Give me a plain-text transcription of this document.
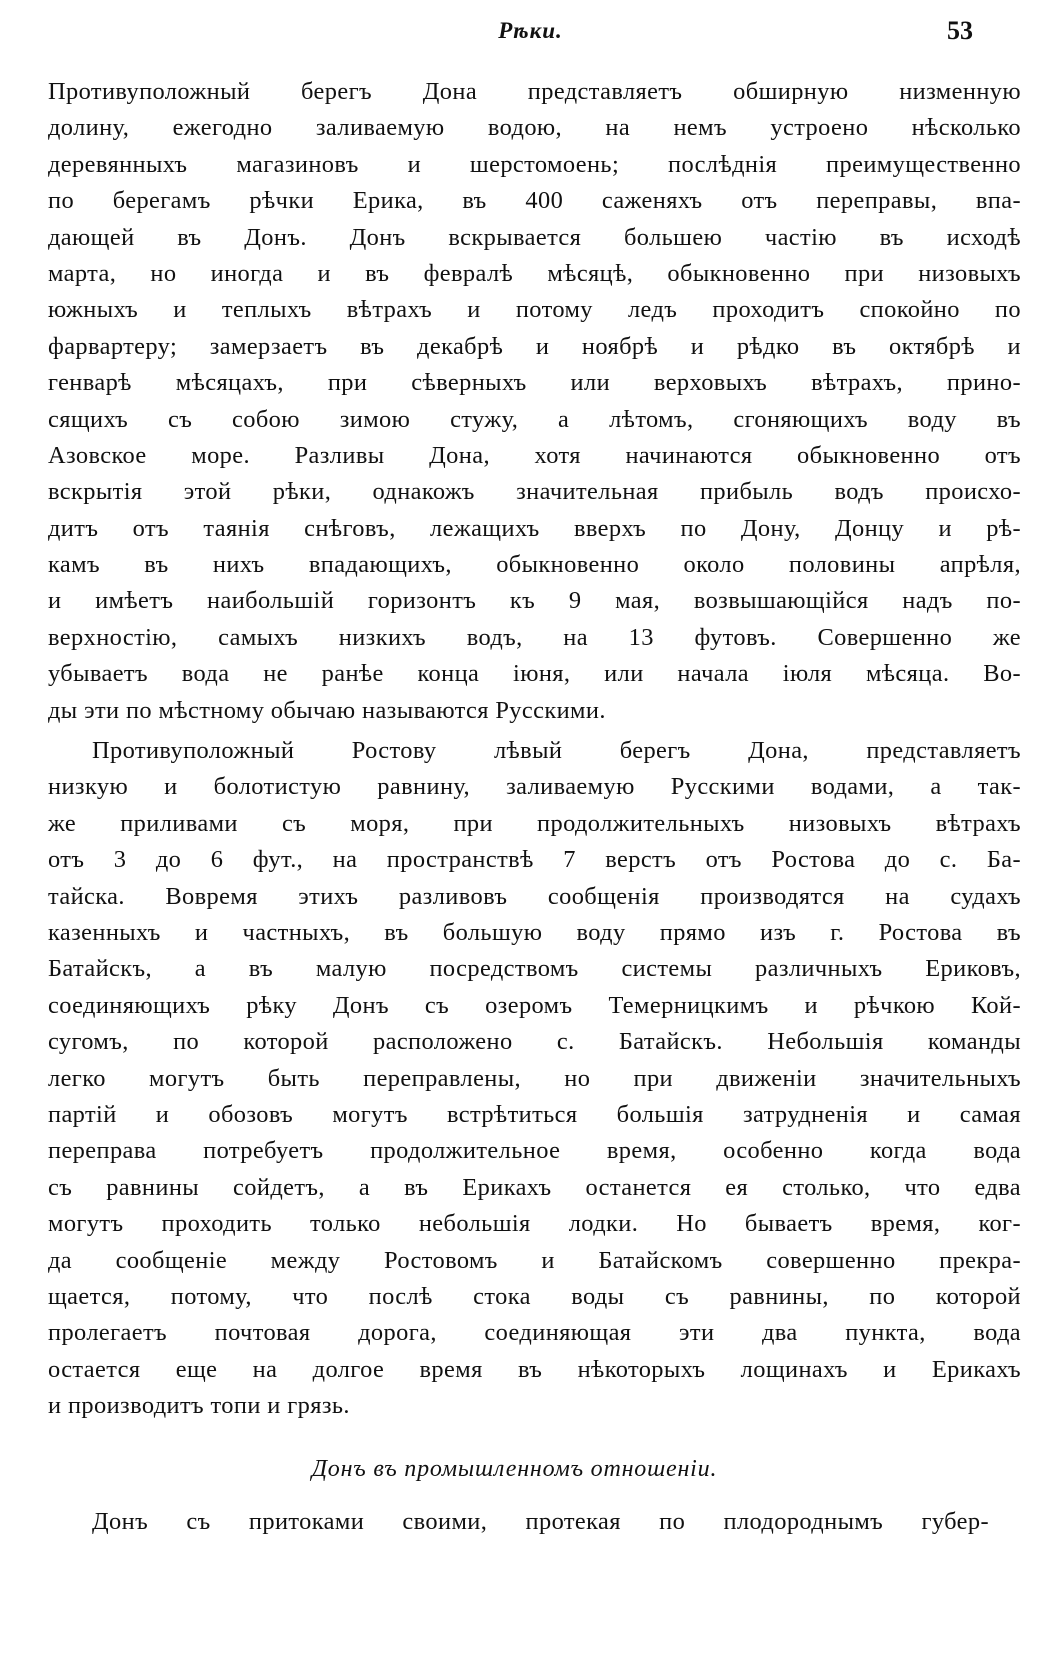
Рѣки.	53
Противуположный берегъ Дона представляетъ обширную низменную
долину, ежегодно заливаемую водою, на немъ устроено нѣсколько
деревянныхъ магазиновъ и шерстомоень; послѣднія преимущественно
по берегамъ рѣчки Ерика, въ 400 саженяхъ отъ переправы, впа-
дающей въ Донъ. Донъ вскрывается большею частію въ исходѣ
марта, но иногда и въ февралѣ мѣсяцѣ, обыкновенно при низовыхъ
южныхъ и теплыхъ вѣтрахъ и потому ледъ проходитъ спокойно по
фарвартеру; замерзаетъ въ декабрѣ и ноябрѣ и рѣдко въ октябрѣ и
генварѣ мѣсяцахъ, при сѣверныхъ или верховыхъ вѣтрахъ, прино-
сящихъ съ собою зимою стужу, а лѣтомъ, сгоняющихъ воду въ
Азовское море. Разливы Дона, хотя начинаются обыкновенно отъ
вскрытія этой рѣки, однакожъ значительная прибыль водъ происхо-
дитъ отъ таянія снѣговъ, лежащихъ вверхъ по Дону, Донцу и рѣ-
камъ въ нихъ впадающихъ, обыкновенно около половины апрѣля,
и имѣетъ наибольшій горизонтъ къ 9 мая, возвышающійся надъ по-
верхностію, самыхъ низкихъ водъ, на 13 футовъ. Совершенно же
убываетъ вода не ранѣе конца іюня, или начала іюля мѣсяца. Во-
ды эти по мѣстному обычаю называются Русскими.
Противуположный Ростову лѣвый берегъ Дона, представляетъ
низкую и болотистую равнину, заливаемую Русскими водами, а так-
же приливами съ моря, при продолжительныхъ низовыхъ вѣтрахъ
отъ 3 до 6 фут., на пространствѣ 7 верстъ отъ Ростова до с. Ба-
тайска. Вовремя этихъ разливовъ сообщенія производятся на судахъ
казенныхъ и частныхъ, въ большую воду прямо изъ г. Ростова въ
Батайскъ, а въ малую посредствомъ системы различныхъ Ериковъ,
соединяющихъ рѣку Донъ съ озеромъ Темерницкимъ и рѣчкою Кой-
сугомъ, по которой расположено с. Батайскъ. Небольшія команды
легко могутъ быть переправлены, но при движеніи значительныхъ
партій и обозовъ могутъ встрѣтиться большія затрудненія и самая
переправа потребуетъ продолжительное время, особенно когда вода
съ равнины сойдетъ, а въ Ерикахъ останется ея столько, что едва
могутъ проходить только небольшія лодки. Но бываетъ время, ког-
да сообщеніе между Ростовомъ и Батайскомъ совершенно прекра-
щается, потому, что послѣ стока воды съ равнины, по которой
пролегаетъ почтовая дорога, соединяющая эти два пункта, вода
остается еще на долгое время въ нѣкоторыхъ лощинахъ и Ерикахъ
и производитъ топи и грязь.
Донъ въ промышленномъ отношеніи.
Донъ съ притоками своими, протекая по плодороднымъ губер-
